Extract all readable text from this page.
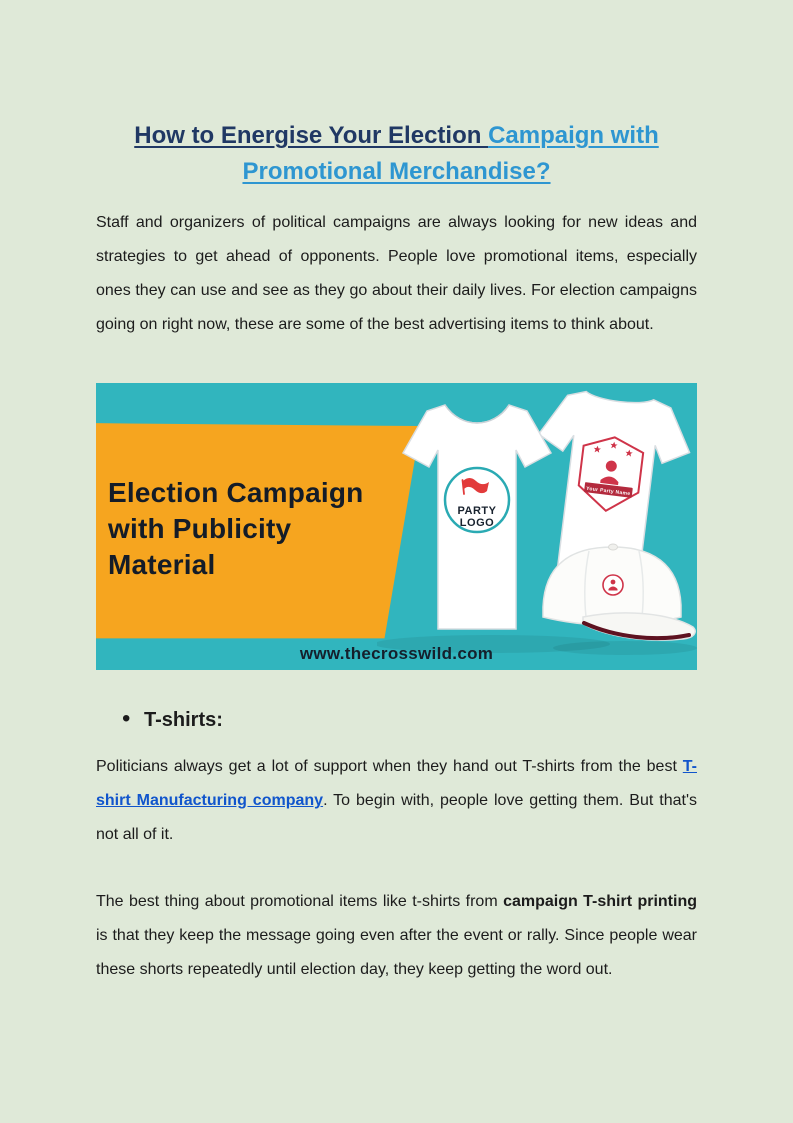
How to Energise Your Election Campaign with Promotional Merchandise?

Staff and organizers of political campaigns are always looking for new ideas and strategies to get ahead of opponents. People love promotional items, especially ones they can use and see as they go about their daily lives. For election campaigns going on right now, these are some of the best advertising items to think about.

Election Campaign with Publicity Material
Your Party Name
PARTY
LOGO
www.thecrosswild.com
• T-shirts:

Politicians always get a lot of support when they hand out T-shirts from the best T-shirt Manufacturing company. To begin with, people love getting them. But that's not all of it.

The best thing about promotional items like t-shirts from campaign T-shirt printing is that they keep the message going even after the event or rally. Since people wear these shorts repeatedly until election day, they keep getting the word out.
